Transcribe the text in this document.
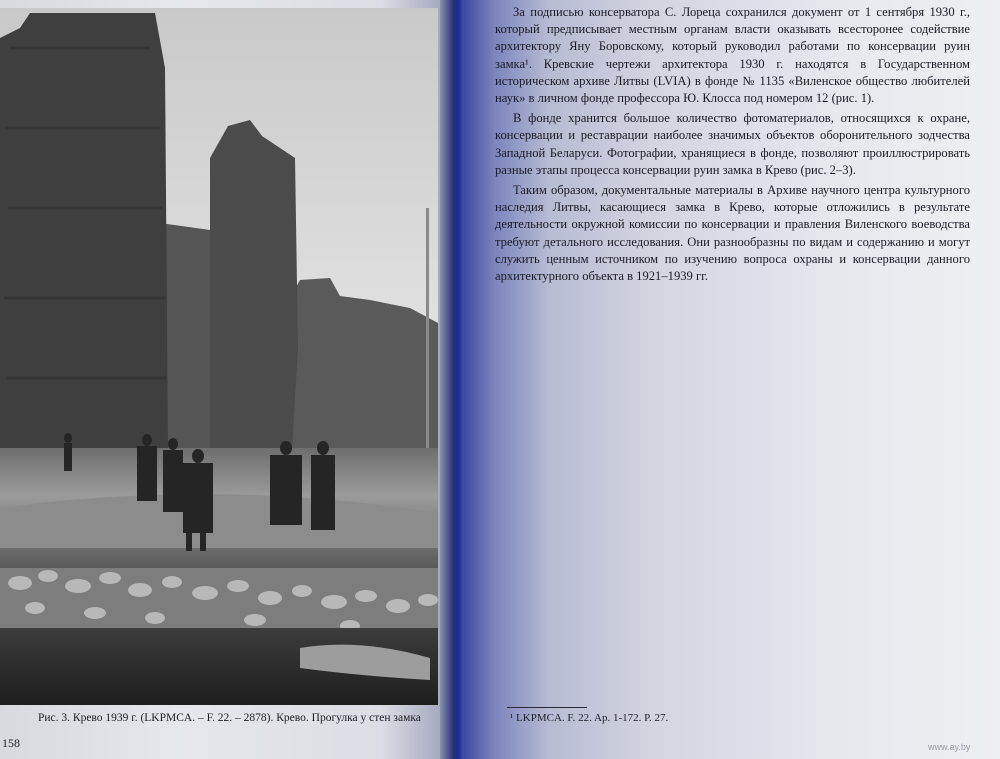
Рис. 3. Крево 1939 г. (LKPMCA. – F. 22. – 2878). Крево. Прогулка у стен замка
158

За подписью консерватора С. Лореца сохранился документ от 1 сентября 1930 г., который предписывает местным органам власти оказывать всесторонее содействие архитектору Яну Боровскому, который руководил работами по консервации руин замка¹. Кревские чертежи архитектора 1930 г. находятся в Государственном историческом архиве Литвы (LVIA) в фонде № 1135 «Виленское общество любителей наук» в личном фонде профессора Ю. Клосса под номером 12 (рис. 1).

В фонде хранится большое количество фотоматериалов, относящихся к охране, консервации и реставрации наиболее значимых объектов оборонительного зодчества Западной Беларуси. Фотографии, хранящиеся в фонде, позволяют проиллюстрировать разные этапы процесса консервации руин замка в Крево (рис. 2–3).

Таким образом, документальные материалы в Архиве научного центра культурного наследия Литвы, касающиеся замка в Крево, которые отложились в результате деятельности окружной комиссии по консервации и правления Виленского воеводства требуют детального исследования. Они разнообразны по видам и содержанию и могут служить ценным источником по изучению вопроса охраны и консервации данного архитектурного объекта в 1921–1939 гг.

¹ LKPMCA. F. 22. Ap. 1-172. P. 27.
www.ay.by
